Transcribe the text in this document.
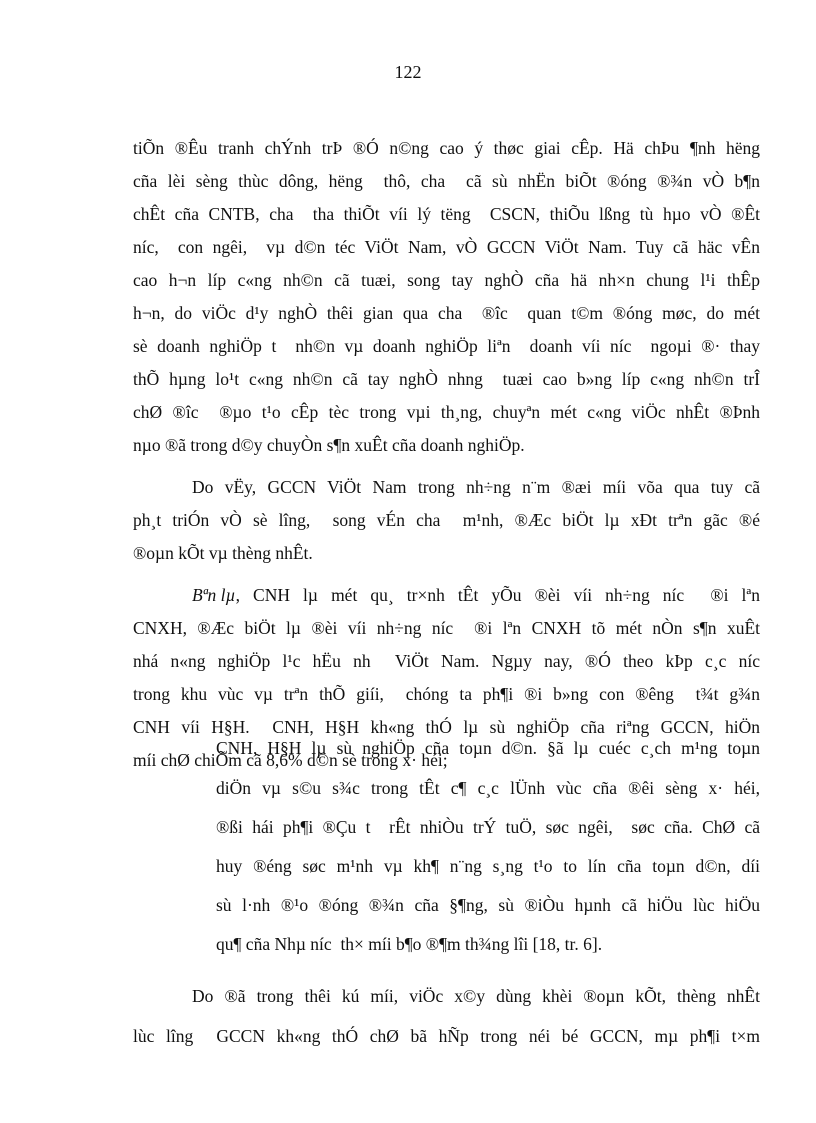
122
tiÕn ®Êu tranh chÝnh trÞ ®Ó n©ng cao ý thøc giai cÊp. Hä chÞu ¶nh hëng
cña lèi sèng thùc dông, hëng  thô, cha  cã sù nhËn biÕt ®óng ®¾n vÒ b¶n
chÊt cña CNTB, cha  tha thiÕt víi lý tëng  CSCN, thiÕu lßng tù hµo vÒ ®Êt
níc,  con ngêi,  vµ d©n téc ViÖt Nam, vÒ GCCN ViÖt Nam. Tuy cã häc vÊn
cao h¬n líp c«ng nh©n cã tuæi, song tay nghÒ cña hä nh×n chung l¹i thÊp
h¬n, do viÖc d¹y nghÒ thêi gian qua cha  ®îc  quan t©m ®óng møc, do mét
sè doanh nghiÖp t  nh©n vµ doanh nghiÖp liªn  doanh víi níc  ngoµi ®· thay
thÕ hµng lo¹t c«ng nh©n cã tay nghÒ nhng  tuæi cao b»ng líp c«ng nh©n trÎ
chØ ®îc  ®µo t¹o cÊp tèc trong vµi th¸ng, chuyªn mét c«ng viÖc nhÊt ®Þnh
nµo ®ã trong d©y chuyÒn s¶n xuÊt cña doanh nghiÖp.
Do vËy, GCCN ViÖt Nam trong nh÷ng n¨m ®æi míi võa qua tuy cã
ph¸t triÓn vÒ sè lîng,  song vÉn cha  m¹nh, ®Æc biÖt lµ xÐt trªn gãc ®é
®oµn kÕt vµ thèng nhÊt.
Bªn lµ , CNH lµ mét qu¸ tr×nh tÊt yÕu ®èi víi nh÷ng níc  ®i lªn
CNXH, ®Æc biÖt lµ ®èi víi nh÷ng níc  ®i lªn CNXH tõ mét nÒn s¶n xuÊt
nhá n«ng nghiÖp l¹c hËu nh  ViÖt Nam. Ngµy nay, ®Ó theo kÞp c¸c níc
trong khu vùc vµ trªn thÕ giíi,  chóng ta ph¶i ®i b»ng con ®êng  t¾t g¾n
CNH víi H§H.  CNH, H§H kh«ng thÓ lµ sù nghiÖp cña riªng GCCN, hiÖn
míi chØ chiÕm cã 8,6% d©n sè trong x· héi;
CNH, H§H lµ sù nghiÖp cña toµn d©n. §ã lµ cuéc c¸ch m¹ng toµn
diÖn vµ s©u s¾c trong tÊt c¶ c¸c lÜnh vùc cña ®êi sèng x· héi,
®ßi hái ph¶i ®Çu t  rÊt nhiÒu trÝ tuÖ, søc ngêi,  søc cña. ChØ cã
huy ®éng søc m¹nh vµ kh¶ n¨ng s¸ng t¹o to lín cña toµn d©n, díi
sù l·nh ®¹o ®óng ®¾n cña §¶ng, sù ®iÒu hµnh cã hiÖu lùc hiÖu
qu¶ cña Nhµ níc  th× míi b¶o ®¶m th¾ng lîi [18, tr. 6].
Do ®ã trong thêi kú míi, viÖc x©y dùng khèi ®oµn kÕt, thèng nhÊt
lùc lîng  GCCN kh«ng thÓ chØ bã hÑp trong néi bé GCCN, mµ ph¶i t×m
